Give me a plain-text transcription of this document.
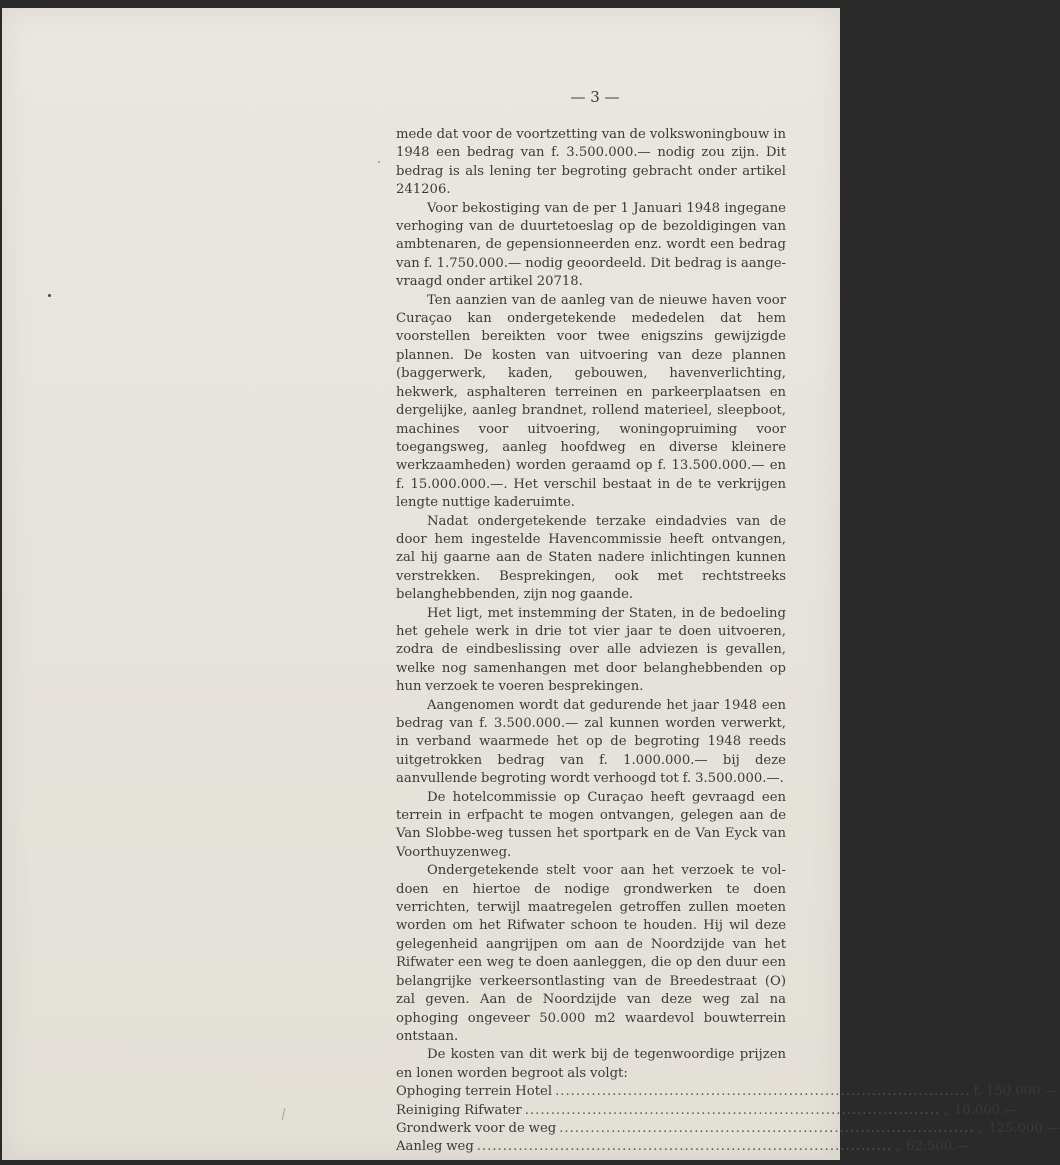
— 3 —

mede dat voor de voortzetting van de volkswoningbouw in 1948 een bedrag van f. 3.500.000.— nodig zou zijn. Dit bedrag is als lening ter begroting gebracht onder artikel 241206.

Voor bekostiging van de per 1 Januari 1948 ingegane verhoging van de duurtetoeslag op de bezoldigingen van ambtenaren, de gepensionneerden enz. wordt een bedrag van f. 1.750.000.— nodig geoordeeld. Dit bedrag is aangevraagd onder artikel 20718.

Ten aanzien van de aanleg van de nieuwe haven voor Curaçao kan ondergetekende mededelen dat hem voorstellen bereikten voor twee enigszins gewijzigde plannen. De kosten van uitvoering van deze plannen (baggerwerk, kaden, gebouwen, havenverlichting, hekwerk, asphalteren terreinen en parkeerplaatsen en dergelijke, aanleg brandnet, rollend materieel, sleepboot, machines voor uitvoering, woningopruiming voor toegangsweg, aanleg hoofdweg en diverse kleinere werkzaamheden) worden geraamd op f. 13.500.000.— en f. 15.000.000.—. Het verschil bestaat in de te verkrijgen lengte nuttige kaderuimte.

Nadat ondergetekende terzake eindadvies van de door hem ingestelde Havencommissie heeft ontvangen, zal hij gaarne aan de Staten nadere inlichtingen kunnen verstrekken. Besprekingen, ook met rechtstreeks belanghebbenden, zijn nog gaande.

Het ligt, met instemming der Staten, in de bedoeling het gehele werk in drie tot vier jaar te doen uitvoeren, zodra de eindbeslissing over alle adviezen is gevallen, welke nog samenhangen met door belanghebbenden op hun verzoek te voeren besprekingen.

Aangenomen wordt dat gedurende het jaar 1948 een bedrag van f. 3.500.000.— zal kunnen worden verwerkt, in verband waarmede het op de begroting 1948 reeds uitgetrokken bedrag van f. 1.000.000.— bij deze aanvullende begroting wordt verhoogd tot f. 3.500.000.—.

De hotelcommissie op Curaçao heeft gevraagd een terrein in erfpacht te mogen ontvangen, gelegen aan de Van Slobbe-weg tussen het sportpark en de Van Eyck van Voorthuyzenweg.

Ondergetekende stelt voor aan het verzoek te voldoen en hiertoe de nodige grondwerken te doen verrichten, terwijl maatregelen getroffen zullen moeten worden om het Rifwater schoon te houden. Hij wil deze gelegenheid aangrijpen om aan de Noordzijde van het Rifwater een weg te doen aanleggen, die op den duur een belangrijke verkeersontlasting van de Breedestraat (O) zal geven. Aan de Noordzijde van deze weg zal na ophoging ongeveer 50.000 m2 waardevol bouwterrein ontstaan.

De kosten van dit werk bij de tegenwoordige prijzen en lonen worden begroot als volgt:

Ophoging terrein Hotel ................................................................................ f. 150.000.—
Reiniging Rifwater ................................................................................ „ 10.000.—
Grondwerk voor de weg ................................................................................ „ 125.000.—
Aanleg weg ................................................................................ „ 62.500.—
